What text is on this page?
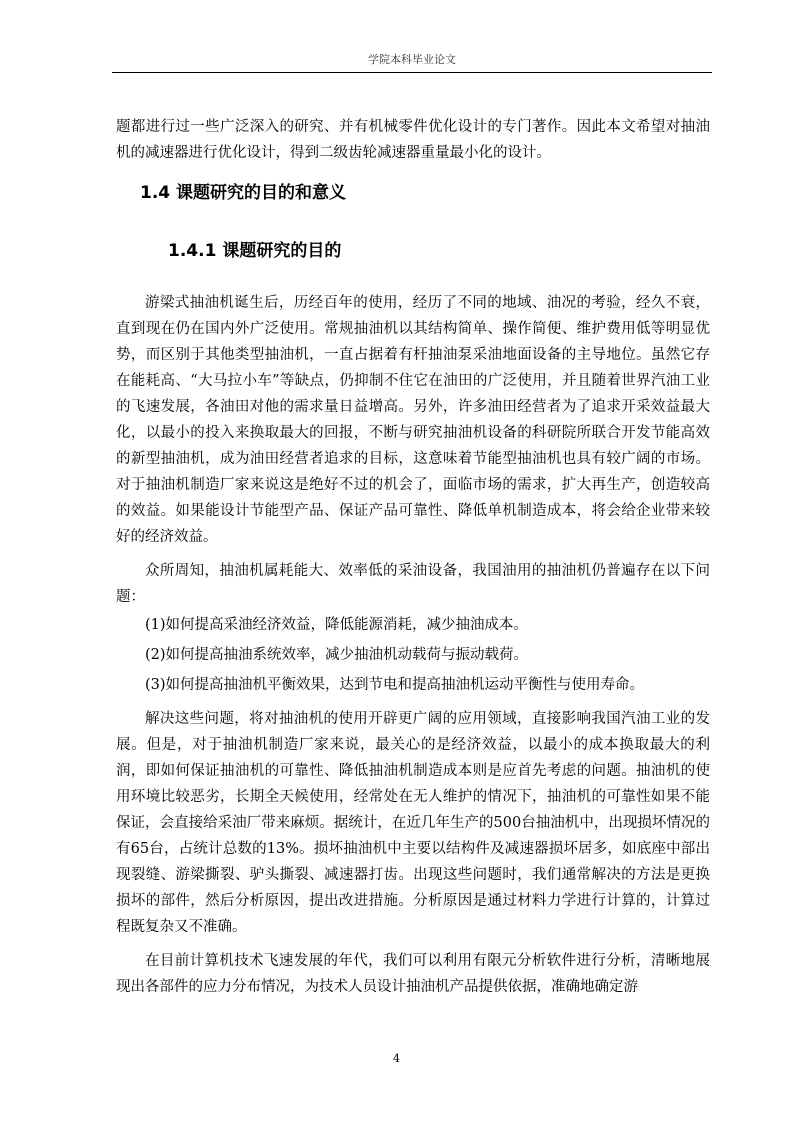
学院本科毕业论文

题都进行过一些广泛深入的研究、并有机械零件优化设计的专门著作。因此本文希望对抽油机的减速器进行优化设计，得到二级齿轮减速器重量最小化的设计。

1.4 课题研究的目的和意义

1.4.1 课题研究的目的

游梁式抽油机诞生后，历经百年的使用，经历了不同的地域、油况的考验，经久不衰，直到现在仍在国内外广泛使用。常规抽油机以其结构简单、操作简便、维护费用低等明显优势，而区别于其他类型抽油机，一直占据着有杆抽油泵采油地面设备的主导地位。虽然它存在能耗高、“大马拉小车”等缺点，仍抑制不住它在油田的广泛使用，并且随着世界汽油工业的飞速发展，各油田对他的需求量日益增高。另外，许多油田经营者为了追求开采效益最大化，以最小的投入来换取最大的回报，不断与研究抽油机设备的科研院所联合开发节能高效的新型抽油机，成为油田经营者追求的目标，这意味着节能型抽油机也具有较广阔的市场。对于抽油机制造厂家来说这是绝好不过的机会了，面临市场的需求，扩大再生产，创造较高的效益。如果能设计节能型产品、保证产品可靠性、降低单机制造成本，将会给企业带来较好的经济效益。

众所周知，抽油机属耗能大、效率低的采油设备，我国油用的抽油机仍普遍存在以下问题：

(1)如何提高采油经济效益，降低能源消耗，减少抽油成本。

(2)如何提高抽油系统效率，减少抽油机动载荷与振动载荷。

(3)如何提高抽油机平衡效果，达到节电和提高抽油机运动平衡性与使用寿命。

解决这些问题，将对抽油机的使用开辟更广阔的应用领域，直接影响我国汽油工业的发展。但是，对于抽油机制造厂家来说，最关心的是经济效益，以最小的成本换取最大的利润，即如何保证抽油机的可靠性、降低抽油机制造成本则是应首先考虑的问题。抽油机的使用环境比较恶劣，长期全天候使用，经常处在无人维护的情况下，抽油机的可靠性如果不能保证，会直接给采油厂带来麻烦。据统计，在近几年生产的500台抽油机中，出现损坏情况的有65台，占统计总数的13%。损坏抽油机中主要以结构件及减速器损坏居多，如底座中部出现裂缝、游梁撕裂、驴头撕裂、减速器打齿。出现这些问题时，我们通常解决的方法是更换损坏的部件，然后分析原因，提出改进措施。分析原因是通过材料力学进行计算的，计算过程既复杂又不准确。

在目前计算机技术飞速发展的年代，我们可以利用有限元分析软件进行分析，清晰地展现出各部件的应力分布情况，为技术人员设计抽油机产品提供依据，准确地确定游

4
